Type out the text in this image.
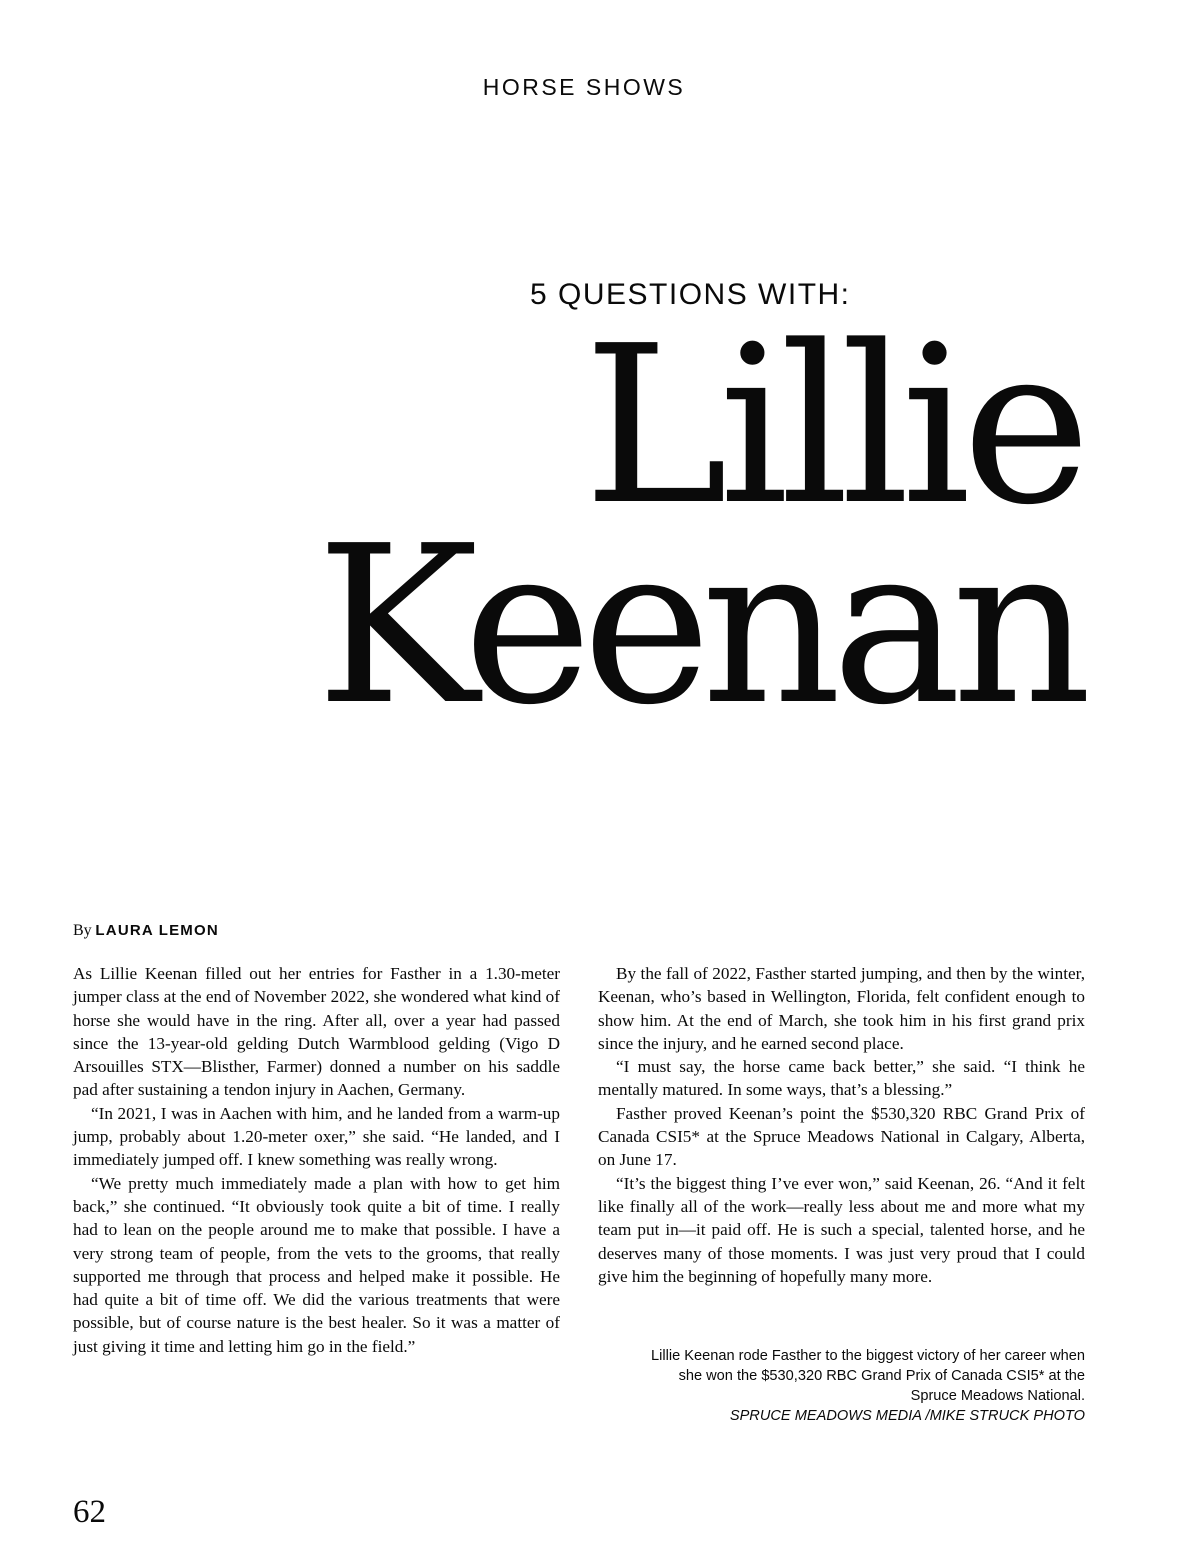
HORSE SHOWS
5 QUESTIONS WITH:
Lillie
Keenan

By LAURA LEMON

As Lillie Keenan filled out her entries for Fasther in a 1.30-meter jumper class at the end of November 2022, she wondered what kind of horse she would have in the ring. After all, over a year had passed since the 13-year-old gelding Dutch Warmblood gelding (Vigo D Arsouilles STX—Blisther, Farmer) donned a number on his saddle pad after sustaining a tendon injury in Aachen, Germany.

“In 2021, I was in Aachen with him, and he landed from a warm-up jump, probably about 1.20-meter oxer,” she said. “He landed, and I immediately jumped off. I knew something was really wrong.

“We pretty much immediately made a plan with how to get him back,” she continued. “It obviously took quite a bit of time. I really had to lean on the people around me to make that possible. I have a very strong team of people, from the vets to the grooms, that really supported me through that process and helped make it possible. He had quite a bit of time off. We did the various treatments that were possible, but of course nature is the best healer. So it was a matter of just giving it time and letting him go in the field.”

By the fall of 2022, Fasther started jumping, and then by the winter, Keenan, who’s based in Wellington, Florida, felt confident enough to show him. At the end of March, she took him in his first grand prix since the injury, and he earned second place.

“I must say, the horse came back better,” she said. “I think he mentally matured. In some ways, that’s a blessing.”

Fasther proved Keenan’s point the $530,320 RBC Grand Prix of Canada CSI5* at the Spruce Meadows National in Calgary, Alberta, on June 17.

“It’s the biggest thing I’ve ever won,” said Keenan, 26. “And it felt like finally all of the work—really less about me and more what my team put in—it paid off. He is such a special, talented horse, and he deserves many of those moments. I was just very proud that I could give him the beginning of hopefully many more.

Lillie Keenan rode Fasther to the biggest victory of her career when she won the $530,320 RBC Grand Prix of Canada CSI5* at the Spruce Meadows National.
SPRUCE MEADOWS MEDIA /MIKE STRUCK PHOTO

62
